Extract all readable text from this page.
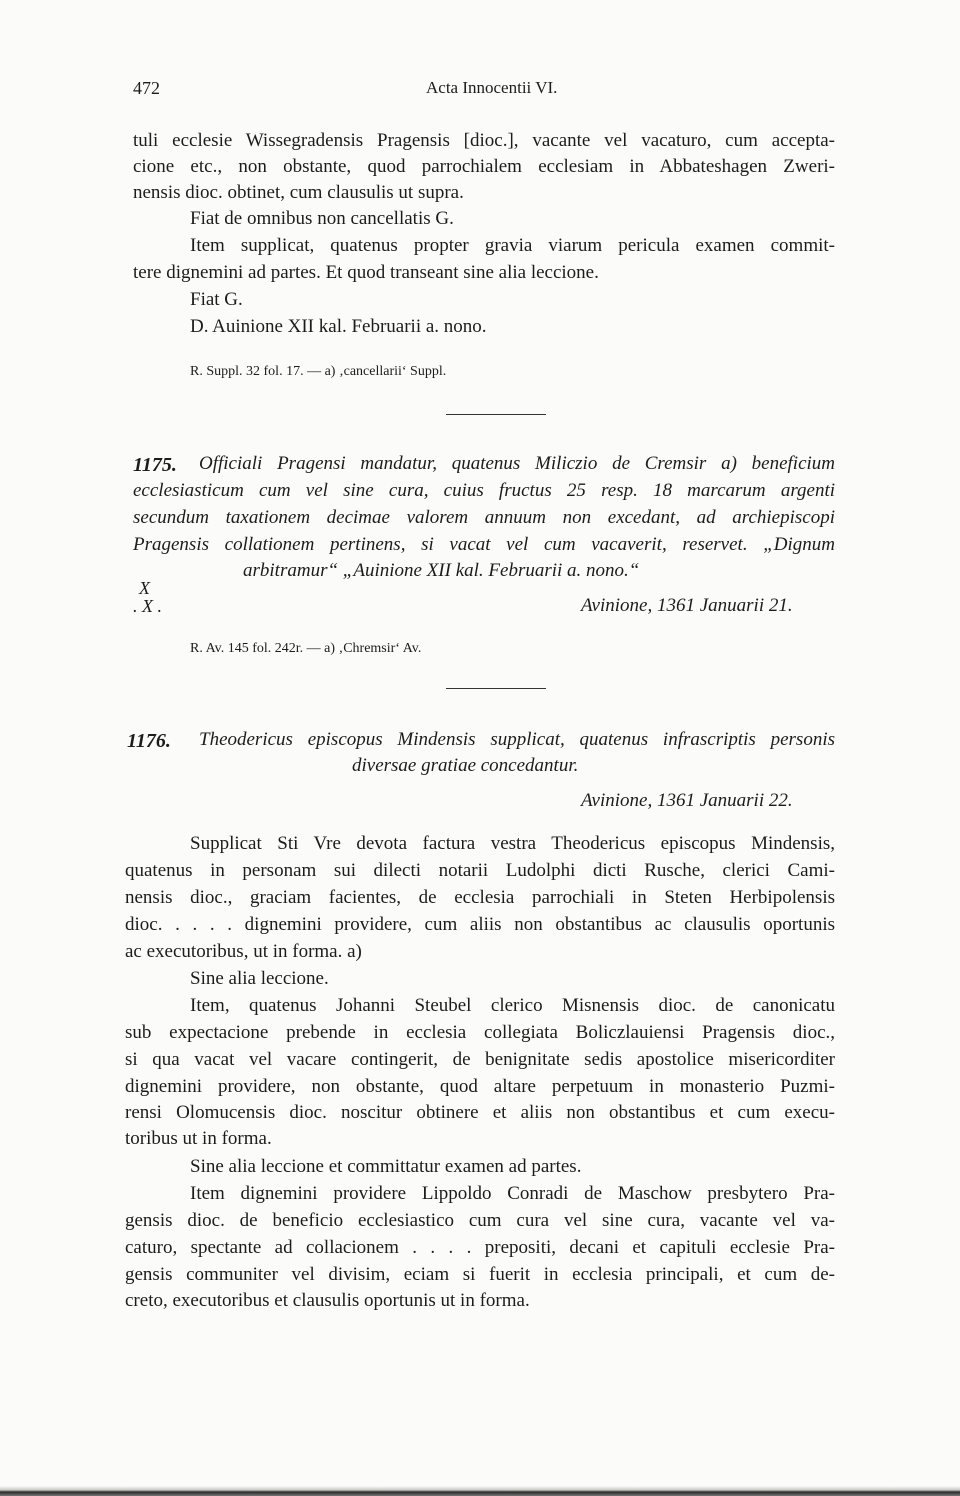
472	Acta Innocentii VI.
tuli ecclesie Wissegradensis Pragensis [dioc.], vacante vel vacaturo, cum accepta-
cione etc., non obstante, quod parrochialem ecclesiam in Abbateshagen Zweri-
nensis dioc. obtinet, cum clausulis ut supra.
Fiat de omnibus non cancellatis G.
Item supplicat, quatenus propter gravia viarum pericula examen commit-
tere dignemini ad partes. Et quod transeant sine alia leccione.
Fiat G.
D. Auinione XII kal. Februarii a. nono.
R. Suppl. 32 fol. 17. — a) ‚cancellarii‘ Suppl.
1175. Officiali Pragensi mandatur, quatenus Miliczio de Cremsir a) beneficium
ecclesiasticum cum vel sine cura, cuius fructus 25 resp. 18 marcarum argenti
secundum taxationem decimae valorem annuum non excedant, ad archiepiscopi
Pragensis collationem pertinens, si vacat vel cum vacaverit, reservet. „Dignum
arbitramur“ „Auinione XII kal. Februarii a. nono.“
X
. X .	Avinione, 1361 Januarii 21.
R. Av. 145 fol. 242r. — a) ‚Chremsir‘ Av.
1176. Theodericus episcopus Mindensis supplicat, quatenus infrascriptis personis
diversae gratiae concedantur.
Avinione, 1361 Januarii 22.
Supplicat Sti Vre devota factura vestra Theodericus episcopus Mindensis,
quatenus in personam sui dilecti notarii Ludolphi dicti Rusche, clerici Cami-
nensis dioc., graciam facientes, de ecclesia parrochiali in Steten Herbipolensis
dioc. . . . . dignemini providere, cum aliis non obstantibus ac clausulis oportunis
ac executoribus, ut in forma. a)
Sine alia leccione.
Item, quatenus Johanni Steubel clerico Misnensis dioc. de canonicatu
sub expectacione prebende in ecclesia collegiata Boliczlauiensi Pragensis dioc.,
si qua vacat vel vacare contingerit, de benignitate sedis apostolice misericorditer
dignemini providere, non obstante, quod altare perpetuum in monasterio Puzmi-
rensi Olomucensis dioc. noscitur obtinere et aliis non obstantibus et cum execu-
toribus ut in forma.
Sine alia leccione et committatur examen ad partes.
Item dignemini providere Lippoldo Conradi de Maschow presbytero Pra-
gensis dioc. de beneficio ecclesiastico cum cura vel sine cura, vacante vel va-
caturo, spectante ad collacionem . . . . prepositi, decani et capituli ecclesie Pra-
gensis communiter vel divisim, eciam si fuerit in ecclesia principali, et cum de-
creto, executoribus et clausulis oportunis ut in forma.
